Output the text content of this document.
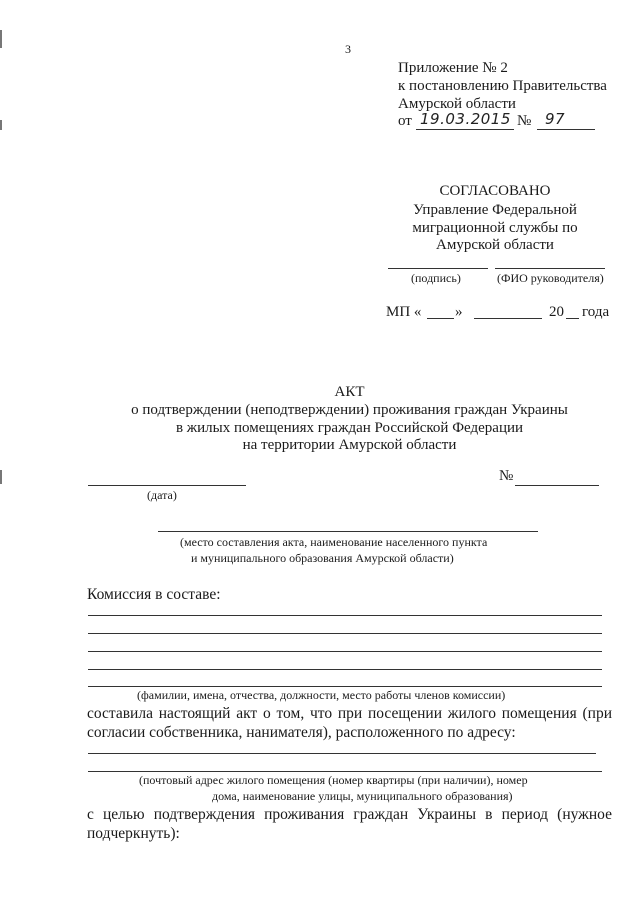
3
Приложение № 2
к постановлению Правительства
Амурской области
от 19.03.2015 № 97
СОГЛАСОВАНО
Управление Федеральной
миграционной службы по
Амурской области
(подпись)	(ФИО руководителя)
МП « »	20 года
АКТ
о подтверждении (неподтверждении) проживания граждан Украины
в жилых помещениях граждан Российской Федерации
на территории Амурской области
(дата)
№
(место составления акта, наименование населенного пункта
и муниципального образования Амурской области)
Комиссия в составе:
(фамилии, имена, отчества, должности, место работы членов комиссии)
составила настоящий акт о том, что при посещении жилого помещения (при согласии собственника, нанимателя), расположенного по адресу:
(почтовый адрес жилого помещения (номер квартиры (при наличии), номер
дома, наименование улицы, муниципального образования)
с целью подтверждения проживания граждан Украины в период (нужное подчеркнуть):
